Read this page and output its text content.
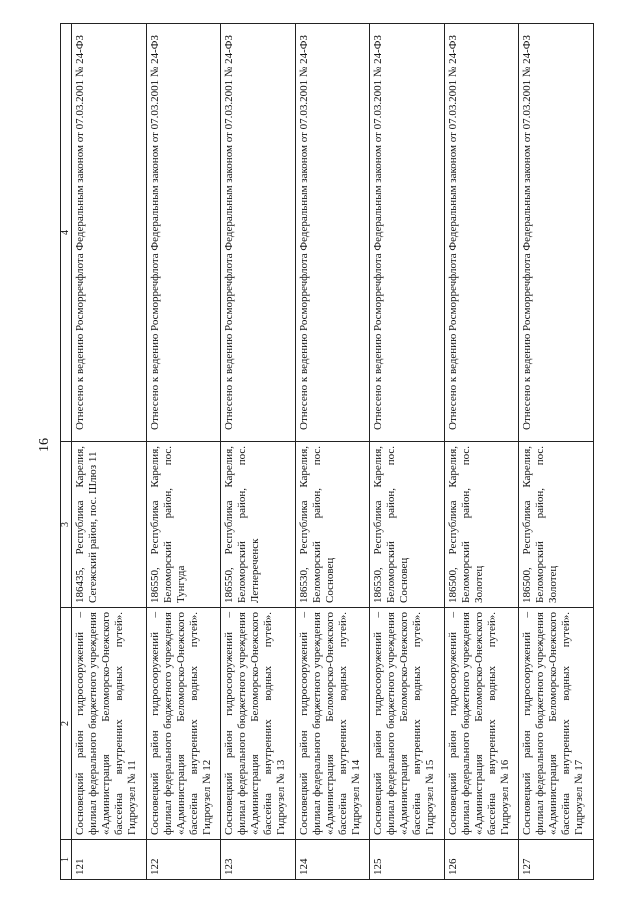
16
1	2	3	4
121	Сосновецкий район гидросооружений – филиал федерального бюджетного учреждения «Администрация Беломорско-Онежского бассейна внутренних водных путей». Гидроузел № 11	186435, Республика Карелия, Сегежский район, пос. Шлюз 11	Отнесено к ведению Росморречфлота Федеральным законом от 07.03.2001 № 24-ФЗ
122	Сосновецкий район гидросооружений – филиал федерального бюджетного учреждения «Администрация Беломорско-Онежского бассейна внутренних водных путей». Гидроузел № 12	186550, Республика Карелия, Беломорский район, пос. Тунгуда	Отнесено к ведению Росморречфлота Федеральным законом от 07.03.2001 № 24-ФЗ
123	Сосновецкий район гидросооружений – филиал федерального бюджетного учреждения «Администрация Беломорско-Онежского бассейна внутренних водных путей». Гидроузел № 13	186550, Республика Карелия, Беломорский район, пос. Летнереченск	Отнесено к ведению Росморречфлота Федеральным законом от 07.03.2001 № 24-ФЗ
124	Сосновецкий район гидросооружений – филиал федерального бюджетного учреждения «Администрация Беломорско-Онежского бассейна внутренних водных путей». Гидроузел № 14	186530, Республика Карелия, Беломорский район, пос. Сосновец	Отнесено к ведению Росморречфлота Федеральным законом от 07.03.2001 № 24-ФЗ
125	Сосновецкий район гидросооружений – филиал федерального бюджетного учреждения «Администрация Беломорско-Онежского бассейна внутренних водных путей». Гидроузел № 15	186530, Республика Карелия, Беломорский район, пос. Сосновец	Отнесено к ведению Росморречфлота Федеральным законом от 07.03.2001 № 24-ФЗ
126	Сосновецкий район гидросооружений – филиал федерального бюджетного учреждения «Администрация Беломорско-Онежского бассейна внутренних водных путей». Гидроузел № 16	186500, Республика Карелия, Беломорский район, пос. Золотец	Отнесено к ведению Росморречфлота Федеральным законом от 07.03.2001 № 24-ФЗ
127	Сосновецкий район гидросооружений – филиал федерального бюджетного учреждения «Администрация Беломорско-Онежского бассейна внутренних водных путей». Гидроузел № 17	186500, Республика Карелия, Беломорский район, пос. Золотец	Отнесено к ведению Росморречфлота Федеральным законом от 07.03.2001 № 24-ФЗ
